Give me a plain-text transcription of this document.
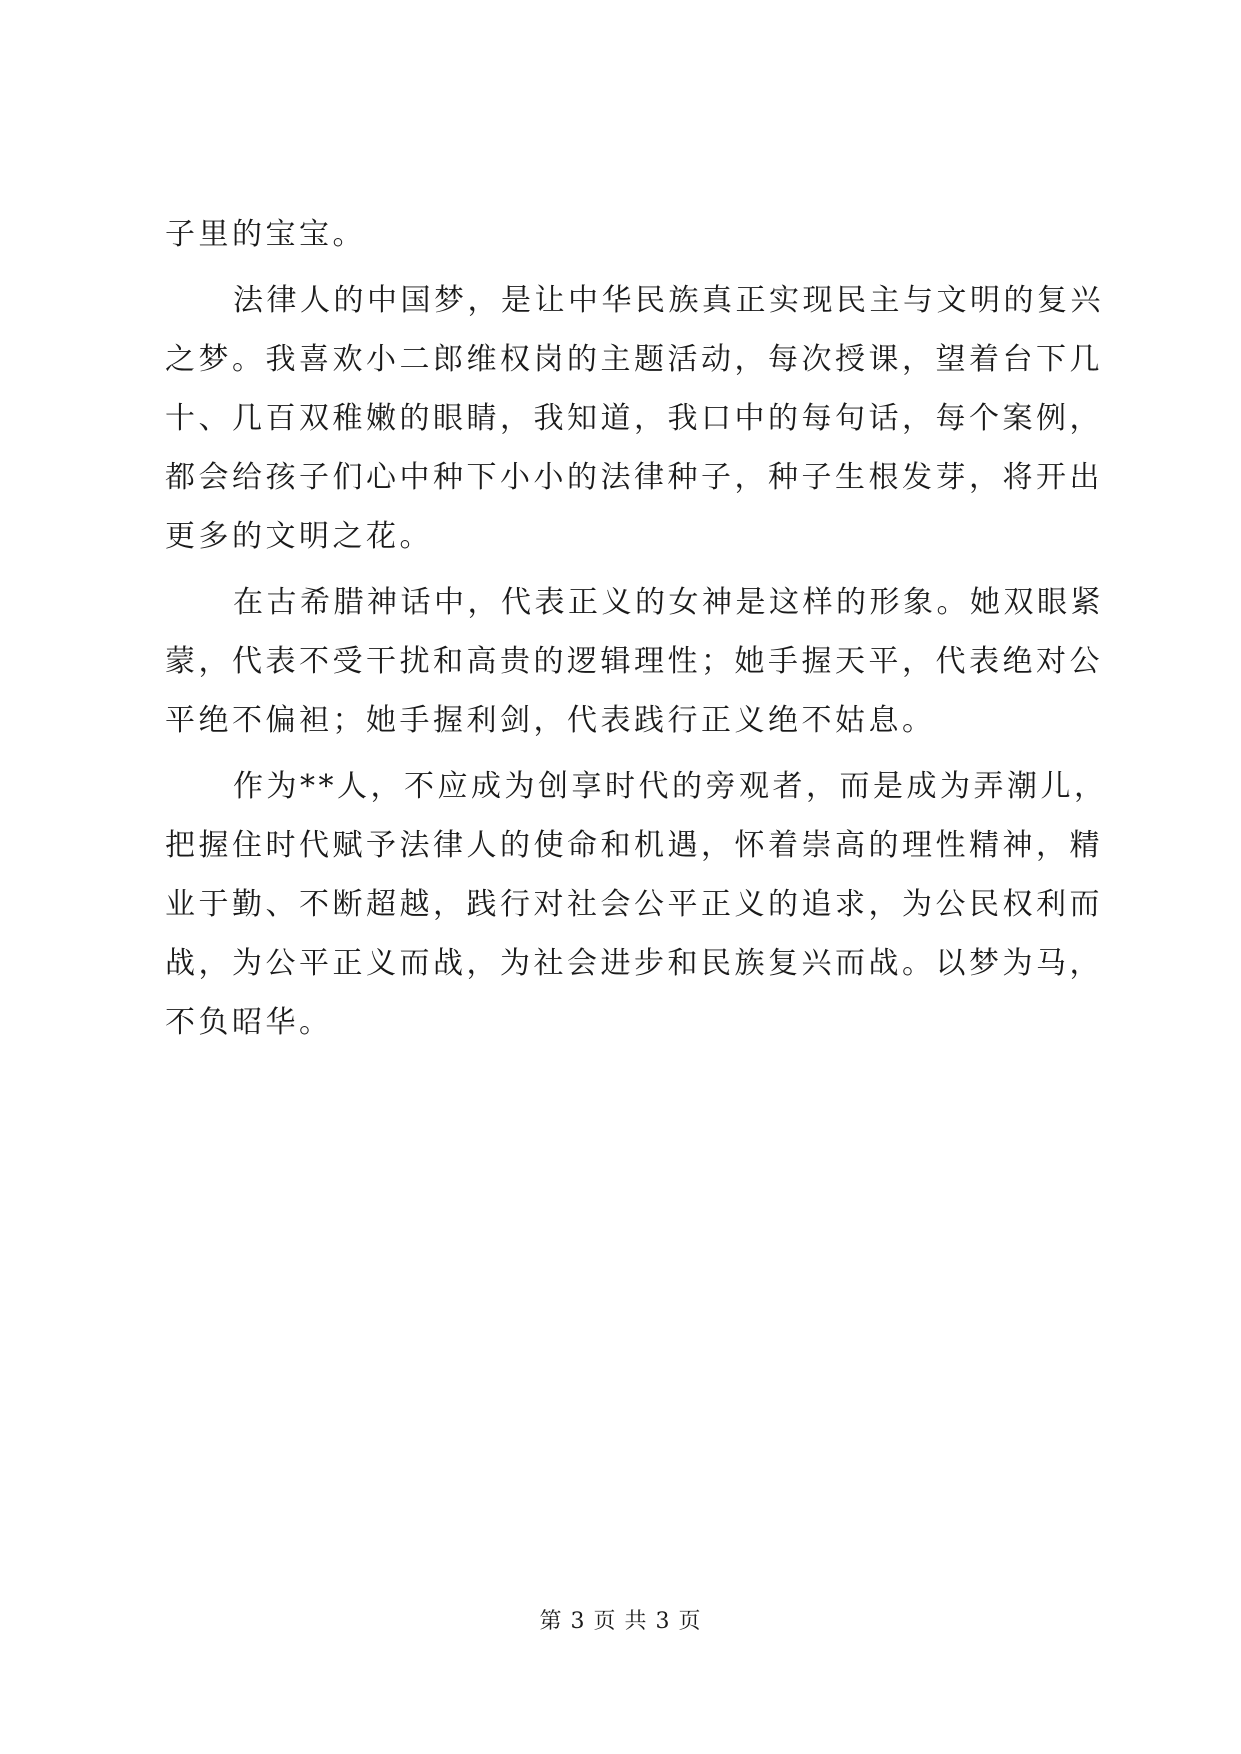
子里的宝宝。
法律人的中国梦，是让中华民族真正实现民主与文明的复兴
之梦。我喜欢小二郎维权岗的主题活动，每次授课，望着台下几
十、几百双稚嫩的眼睛，我知道，我口中的每句话，每个案例，
都会给孩子们心中种下小小的法律种子，种子生根发芽，将开出
更多的文明之花。
在古希腊神话中，代表正义的女神是这样的形象。她双眼紧
蒙，代表不受干扰和高贵的逻辑理性；她手握天平，代表绝对公
平绝不偏袒；她手握利剑，代表践行正义绝不姑息。
作为**人，不应成为创享时代的旁观者，而是成为弄潮儿，
把握住时代赋予法律人的使命和机遇，怀着崇高的理性精神，精
业于勤、不断超越，践行对社会公平正义的追求，为公民权利而
战，为公平正义而战，为社会进步和民族复兴而战。以梦为马，
不负昭华。
第 3 页 共 3 页
